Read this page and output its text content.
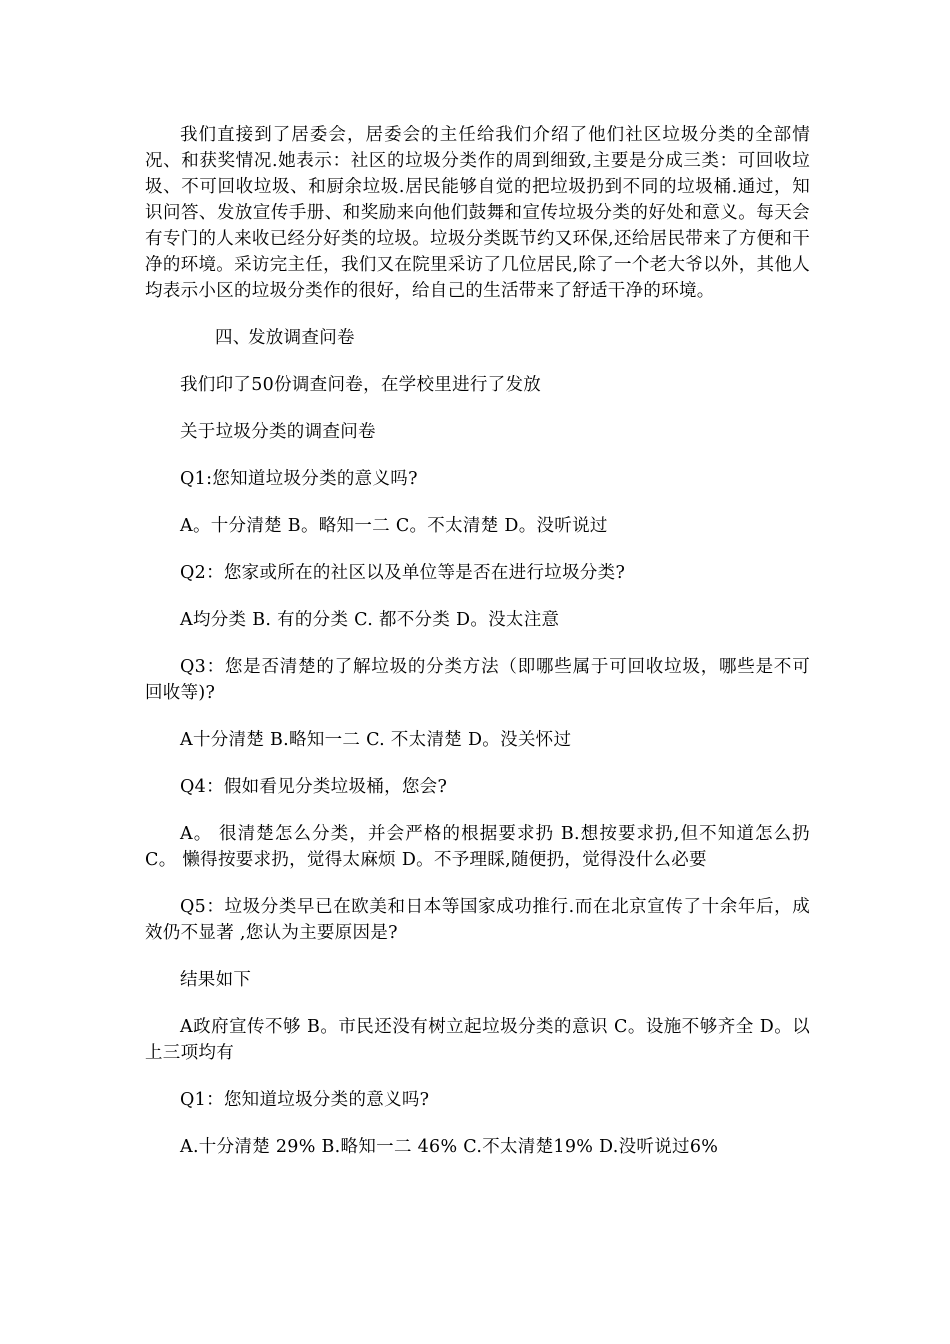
我们直接到了居委会，居委会的主任给我们介绍了他们社区垃圾分类的全部情况、和获奖情况.她表示：社区的垃圾分类作的周到细致,主要是分成三类：可回收垃圾、不可回收垃圾、和厨余垃圾.居民能够自觉的把垃圾扔到不同的垃圾桶.通过，知识问答、发放宣传手册、和奖励来向他们鼓舞和宣传垃圾分类的好处和意义。每天会有专门的人来收已经分好类的垃圾。垃圾分类既节约又环保,还给居民带来了方便和干净的环境。采访完主任，我们又在院里采访了几位居民,除了一个老大爷以外，其他人均表示小区的垃圾分类作的很好，给自己的生活带来了舒适干净的环境。

四、发放调查问卷

我们印了50份调查问卷，在学校里进行了发放

关于垃圾分类的调查问卷

Q1:您知道垃圾分类的意义吗?

A。十分清楚 B。略知一二 C。不太清楚 D。没听说过

Q2：您家或所在的社区以及单位等是否在进行垃圾分类?

A均分类 B. 有的分类 C. 都不分类 D。没太注意

Q3：您是否清楚的了解垃圾的分类方法（即哪些属于可回收垃圾，哪些是不可回收等)?

A十分清楚 B.略知一二 C. 不太清楚 D。没关怀过

Q4：假如看见分类垃圾桶，您会?

A。 很清楚怎么分类，并会严格的根据要求扔 B.想按要求扔,但不知道怎么扔 C。 懒得按要求扔，觉得太麻烦 D。不予理睬,随便扔，觉得没什么必要

Q5：垃圾分类早已在欧美和日本等国家成功推行.而在北京宣传了十余年后，成效仍不显著 ,您认为主要原因是?

结果如下

A政府宣传不够 B。市民还没有树立起垃圾分类的意识 C。设施不够齐全 D。以上三项均有

Q1：您知道垃圾分类的意义吗?

A.十分清楚 29% B.略知一二 46% C.不太清楚19% D.没听说过6%
